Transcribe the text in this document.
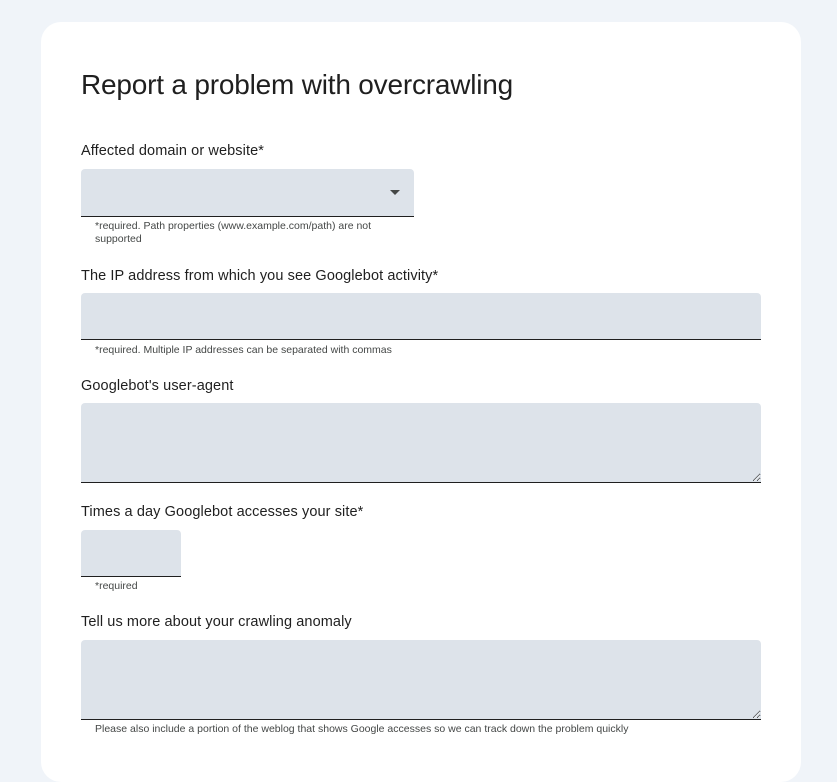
Report a problem with overcrawling
Affected domain or website*
*required. Path properties (www.example.com/path) are not supported
The IP address from which you see Googlebot activity*
*required. Multiple IP addresses can be separated with commas
Googlebot's user-agent
Times a day Googlebot accesses your site*
*required
Tell us more about your crawling anomaly
Please also include a portion of the weblog that shows Google accesses so we can track down the problem quickly
